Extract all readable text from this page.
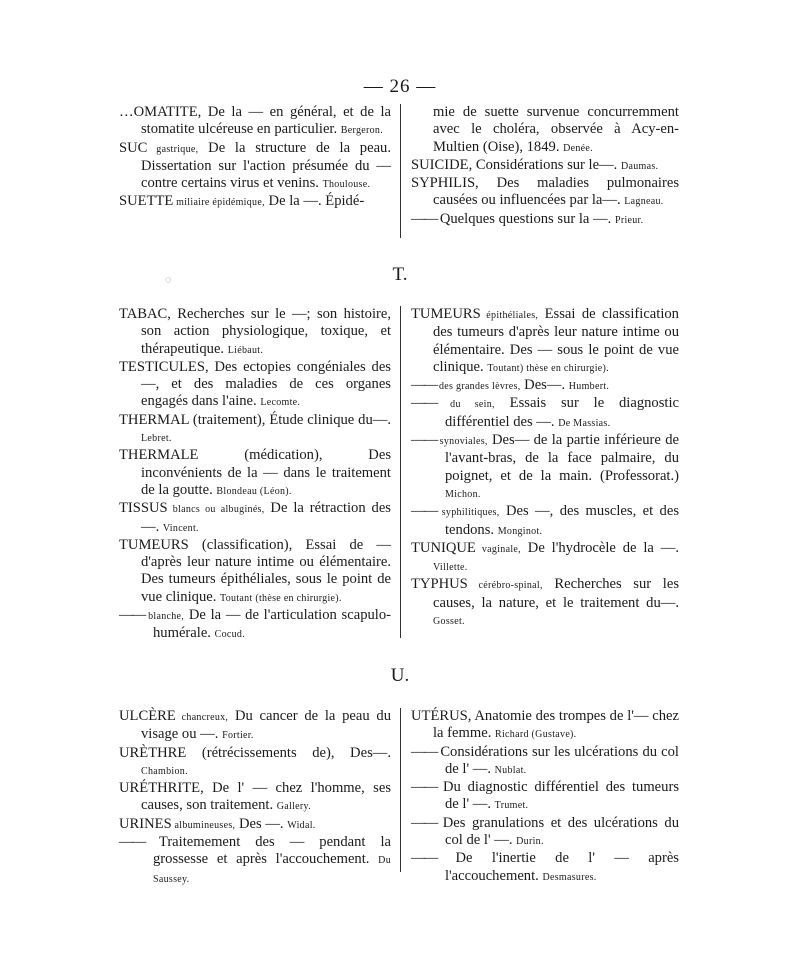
— 26 —

…OMATITE, De la — en général, et de la stomatite ulcéreuse en particulier. Bergeron.

SUC gastrique, De la structure de la peau. Dissertation sur l'action présumée du — contre certains virus et venins. Thoulouse.

SUETTE miliaire épidémique, De la —. Épidé-

mie de suette survenue concurremment avec le choléra, observée à Acy-en-Multien (Oise), 1849. Denée.

SUICIDE, Considérations sur le—. Daumas.

SYPHILIS, Des maladies pulmonaires causées ou influencées par la—. Lagneau.

—— Quelques questions sur la —. Prieur.

◌	T.

TABAC, Recherches sur le —; son histoire, son action physiologique, toxique, et thérapeutique. Liébaut.

TESTICULES, Des ectopies congéniales des —, et des maladies de ces organes engagés dans l'aine. Lecomte.

THERMAL (traitement), Étude clinique du—. Lebret.

THERMALE (médication), Des inconvénients de la — dans le traitement de la goutte. Blondeau (Léon).

TISSUS blancs ou albuginés, De la rétraction des —. Vincent.

TUMEURS (classification), Essai de — d'après leur nature intime ou élémentaire. Des tumeurs épithéliales, sous le point de vue clinique. Toutant (thèse en chirurgie).

—— blanche, De la — de l'articulation scapulo-humérale. Cocud.

TUMEURS épithéliales, Essai de classification des tumeurs d'après leur nature intime ou élémentaire. Des — sous le point de vue clinique. Toutant) thèse en chirurgie).

—— des grandes lèvres, Des—. Humbert.

—— du sein, Essais sur le diagnostic différentiel des —. De Massias.

—— synoviales, Des— de la partie inférieure de l'avant-bras, de la face palmaire, du poignet, et de la main. (Professorat.) Michon.

—— syphilitiques, Des —, des muscles, et des tendons. Monginot.

TUNIQUE vaginale, De l'hydrocèle de la —. Villette.

TYPHUS cérébro-spinal, Recherches sur les causes, la nature, et le traitement du—. Gosset.

U.

ULCÈRE chancreux, Du cancer de la peau du visage ou —. Fortier.

URÈTHRE (rétrécissements de), Des—. Chambion.

URÉTHRITE, De l' — chez l'homme, ses causes, son traitement. Gallery.

URINES albumineuses, Des —. Widal.

—— Traitemement des — pendant la grossesse et après l'accouchement. Du Saussey.

UTÉRUS, Anatomie des trompes de l'— chez la femme. Richard (Gustave).

—— Considérations sur les ulcérations du col de l' —. Nublat.

—— Du diagnostic différentiel des tumeurs de l' —. Trumet.

—— Des granulations et des ulcérations du col de l' —. Durin.

—— De l'inertie de l' — après l'accouchement. Desmasures.
